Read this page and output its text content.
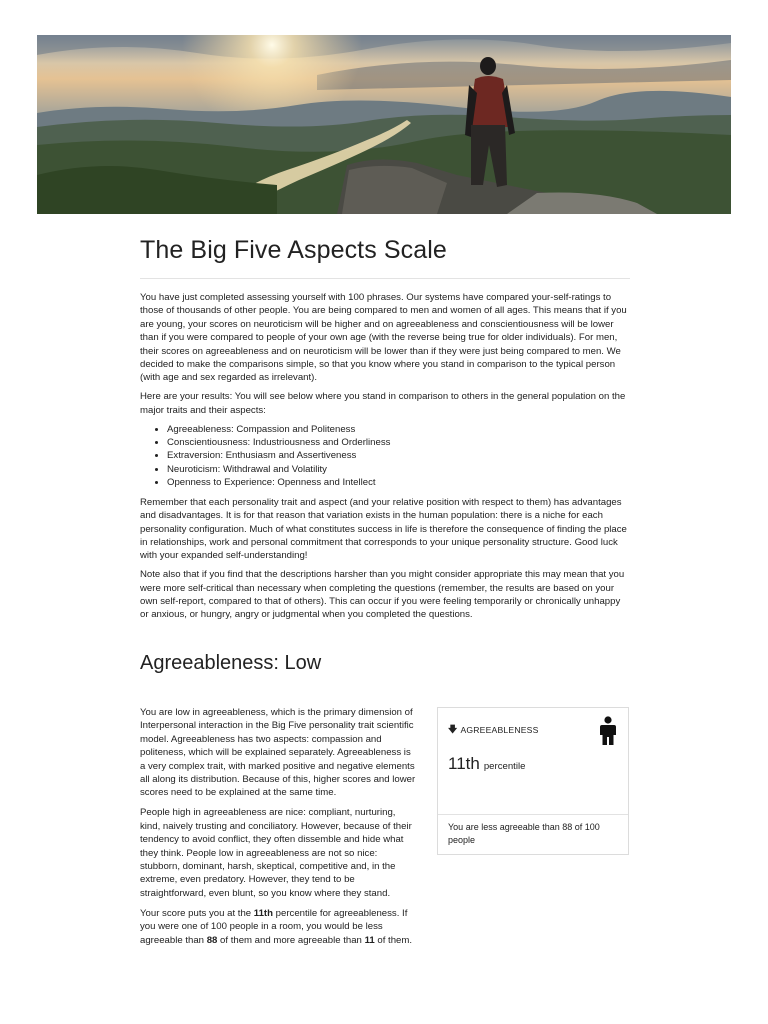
The Big Five Aspects Scale

You have just completed assessing yourself with 100 phrases. Our systems have compared your-self-ratings to those of thousands of other people. You are being compared to men and women of all ages. This means that if you are young, your scores on neuroticism will be higher and on agreeableness and conscientiousness will be lower than if you were compared to people of your own age (with the reverse being true for older individuals). For men, their scores on agreeableness and on neuroticism will be lower than if they were just being compared to men. We decided to make the comparisons simple, so that you know where you stand in comparison to the typical person (with age and sex regarded as irrelevant).

Here are your results: You will see below where you stand in comparison to others in the general population on the major traits and their aspects:

• Agreeableness: Compassion and Politeness
• Conscientiousness: Industriousness and Orderliness
• Extraversion: Enthusiasm and Assertiveness
• Neuroticism: Withdrawal and Volatility
• Openness to Experience: Openness and Intellect

Remember that each personality trait and aspect (and your relative position with respect to them) has advantages and disadvantages. It is for that reason that variation exists in the human population: there is a niche for each personality configuration. Much of what constitutes success in life is therefore the consequence of finding the place in relationships, work and personal commitment that corresponds to your unique personality structure. Good luck with your expanded self-understanding!

Note also that if you find that the descriptions harsher than you might consider appropriate this may mean that you were more self-critical than necessary when completing the questions (remember, the results are based on your own self-report, compared to that of others). This can occur if you were feeling temporarily or chronically unhappy or anxious, or hungry, angry or judgmental when you completed the questions.

Agreeableness: Low

You are low in agreeableness, which is the primary dimension of Interpersonal interaction in the Big Five personality trait scientific model. Agreeableness has two aspects: compassion and politeness, which will be explained separately. Agreeableness is a very complex trait, with marked positive and negative elements all along its distribution. Because of this, higher scores and lower scores need to be explained at the same time.

People high in agreeableness are nice: compliant, nurturing, kind, naively trusting and conciliatory. However, because of their tendency to avoid conflict, they often dissemble and hide what they think. People low in agreeableness are not so nice: stubborn, dominant, harsh, skeptical, competitive and, in the extreme, even predatory. However, they tend to be straightforward, even blunt, so you know where they stand.

Your score puts you at the 11th percentile for agreeableness. If you were one of 100 people in a room, you would be less agreeable than 88 of them and more agreeable than 11 of them.

🡇 AGREEABLENESS
11th percentile
You are less agreeable than 88 of 100 people
